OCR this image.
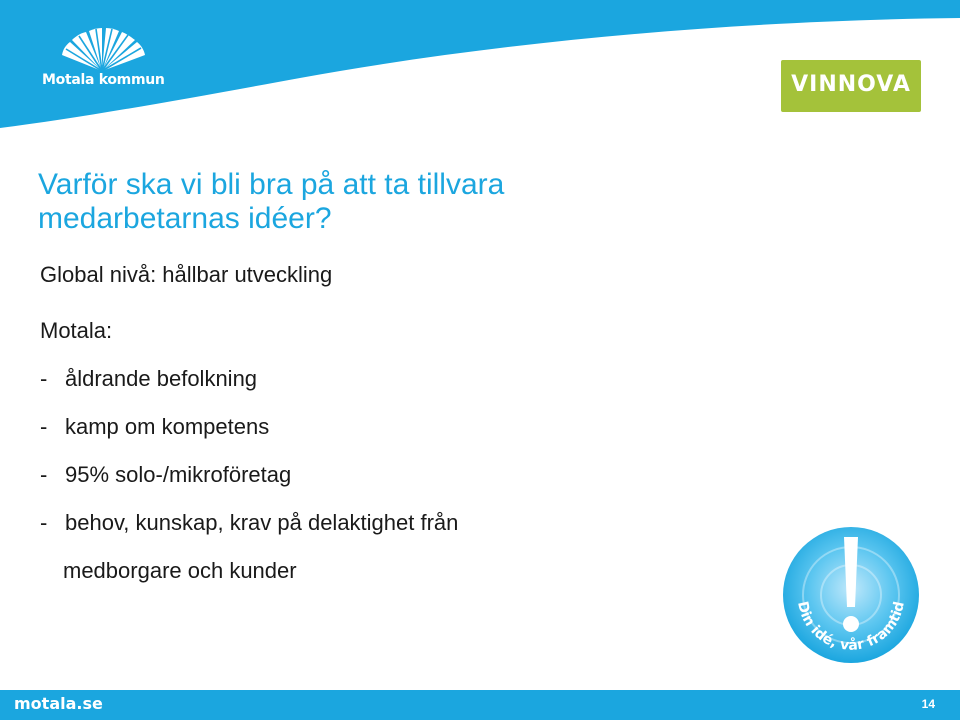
Motala kommun	VINNOVA
Varför ska vi bli bra på att ta tillvara
medarbetarnas idéer?
Global nivå: hållbar utveckling
Motala:
- åldrande befolkning
- kamp om kompetens
- 95% solo-/mikroföretag
- behov, kunskap, krav på delaktighet från
medborgare och kunder
Din idé, vår framtid
motala.se	14
